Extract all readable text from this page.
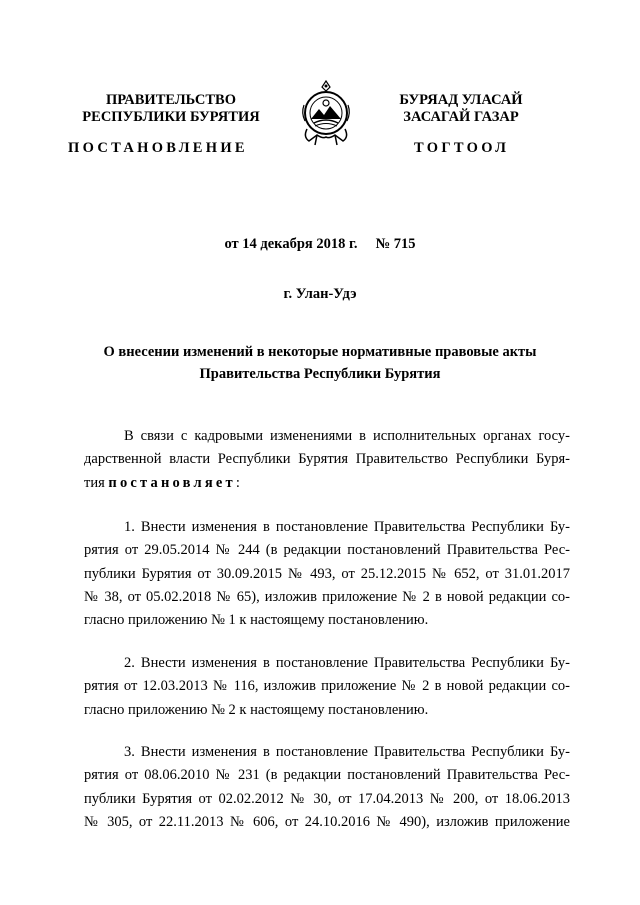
ПРАВИТЕЛЬСТВО
РЕСПУБЛИКИ БУРЯТИЯ
БУРЯАД УЛАСАЙ
ЗАСАГАЙ ГАЗАР
ПОСТАНОВЛЕНИЕ	ТОГТООЛ
от 14 декабря 2018 г. № 715
г. Улан-Удэ
О внесении изменений в некоторые нормативные правовые акты
Правительства Республики Бурятия
В связи с кадровыми изменениями в исполнительных органах госу-
дарственной власти Республики Бурятия Правительство Республики Буря-
тия постановляет:
1. Внести изменения в постановление Правительства Республики Бу-
рятия от 29.05.2014 № 244 (в редакции постановлений Правительства Рес-
публики Бурятия от 30.09.2015 № 493, от 25.12.2015 № 652, от 31.01.2017
№ 38, от 05.02.2018 № 65), изложив приложение № 2 в новой редакции со-
гласно приложению № 1 к настоящему постановлению.
2. Внести изменения в постановление Правительства Республики Бу-
рятия от 12.03.2013 № 116, изложив приложение № 2 в новой редакции со-
гласно приложению № 2 к настоящему постановлению.
3. Внести изменения в постановление Правительства Республики Бу-
рятия от 08.06.2010 № 231 (в редакции постановлений Правительства Рес-
публики Бурятия от 02.02.2012 № 30, от 17.04.2013 № 200, от 18.06.2013
№ 305, от 22.11.2013 № 606, от 24.10.2016 № 490), изложив приложение
